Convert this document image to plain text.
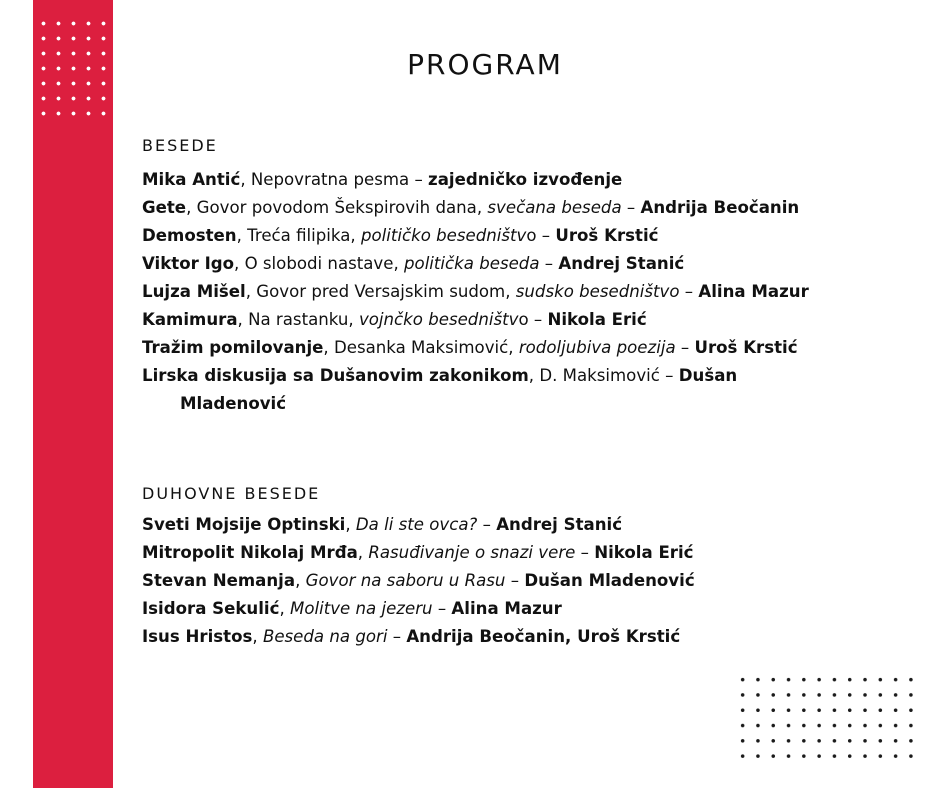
PROGRAM
BESEDE
Mika Antić, Nepovratna pesma – zajedničko izvođenje
Gete, Govor povodom Šekspirovih dana, svečana beseda – Andrija Beočanin
Demosten, Treća filipika, političko besedništvo – Uroš Krstić
Viktor Igo, O slobodi nastave, politička beseda – Andrej Stanić
Lujza Mišel, Govor pred Versajskim sudom, sudsko besedništvo – Alina Mazur
Kamimura, Na rastanku, vojnčko besedništvo – Nikola Erić
Tražim pomilovanje, Desanka Maksimović, rodoljubiva poezija – Uroš Krstić
Lirska diskusija sa Dušanovim zakonikom, D. Maksimović – Dušan
Mladenović
DUHOVNE BESEDE
Sveti Mojsije Optinski, Da li ste ovca? – Andrej Stanić
Mitropolit Nikolaj Mrđa, Rasuđivanje o snazi vere – Nikola Erić
Stevan Nemanja, Govor na saboru u Rasu – Dušan Mladenović
Isidora Sekulić, Molitve na jezeru – Alina Mazur
Isus Hristos, Beseda na gori – Andrija Beočanin, Uroš Krstić
